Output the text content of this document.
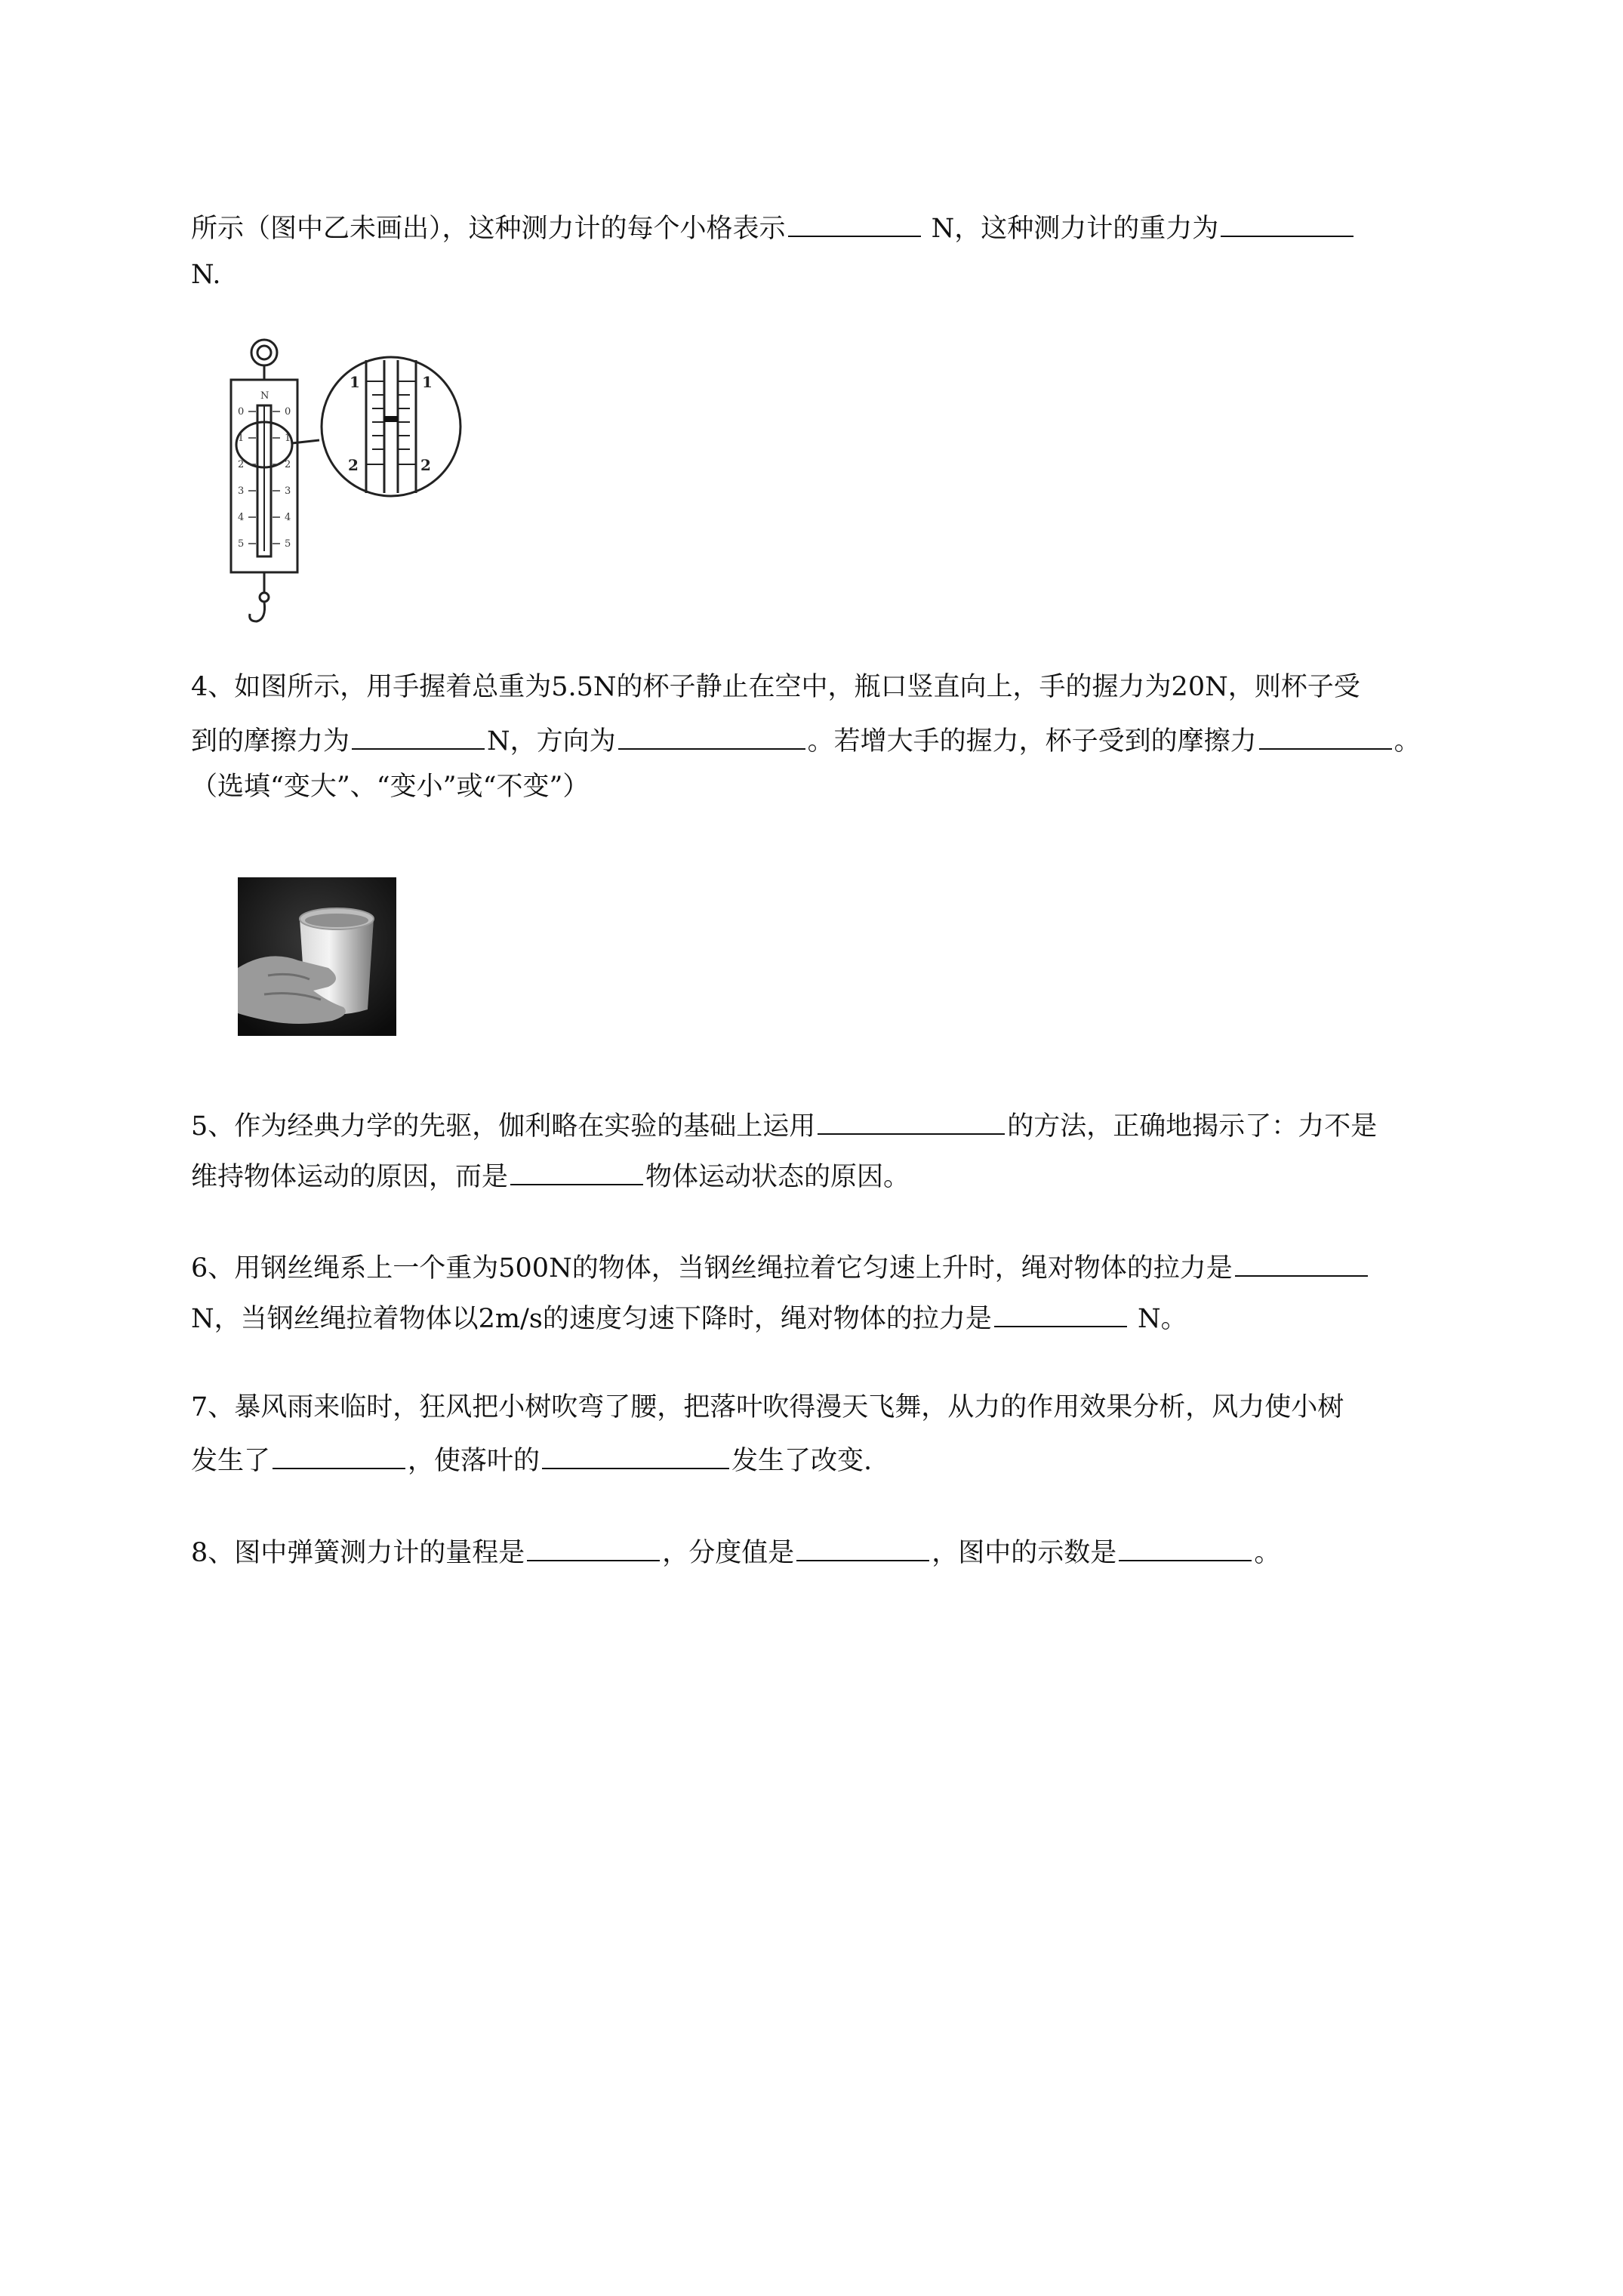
所示（图中乙未画出），这种测力计的每个小格表示	N，这种测力计的重力为
N.
N
0	0
1	1
2	2
3	3
4	4
5	5
1	1
2	2
4、如图所示，用手握着总重为5.5N的杯子静止在空中，瓶口竖直向上，手的握力为20N，则杯子受
到的摩擦力为	N，方向为	。若增大手的握力，杯子受到的摩擦力	。
（选填“变大”、“变小”或“不变”）
5、作为经典力学的先驱，伽利略在实验的基础上运用	的方法，正确地揭示了：力不是
维持物体运动的原因，而是	物体运动状态的原因。
6、用钢丝绳系上一个重为500N的物体，当钢丝绳拉着它匀速上升时，绳对物体的拉力是
N，当钢丝绳拉着物体以2m/s的速度匀速下降时，绳对物体的拉力是	N。
7、暴风雨来临时，狂风把小树吹弯了腰，把落叶吹得漫天飞舞，从力的作用效果分析，风力使小树
发生了	，使落叶的	发生了改变.
8、图中弹簧测力计的量程是	，分度值是	，图中的示数是	。
